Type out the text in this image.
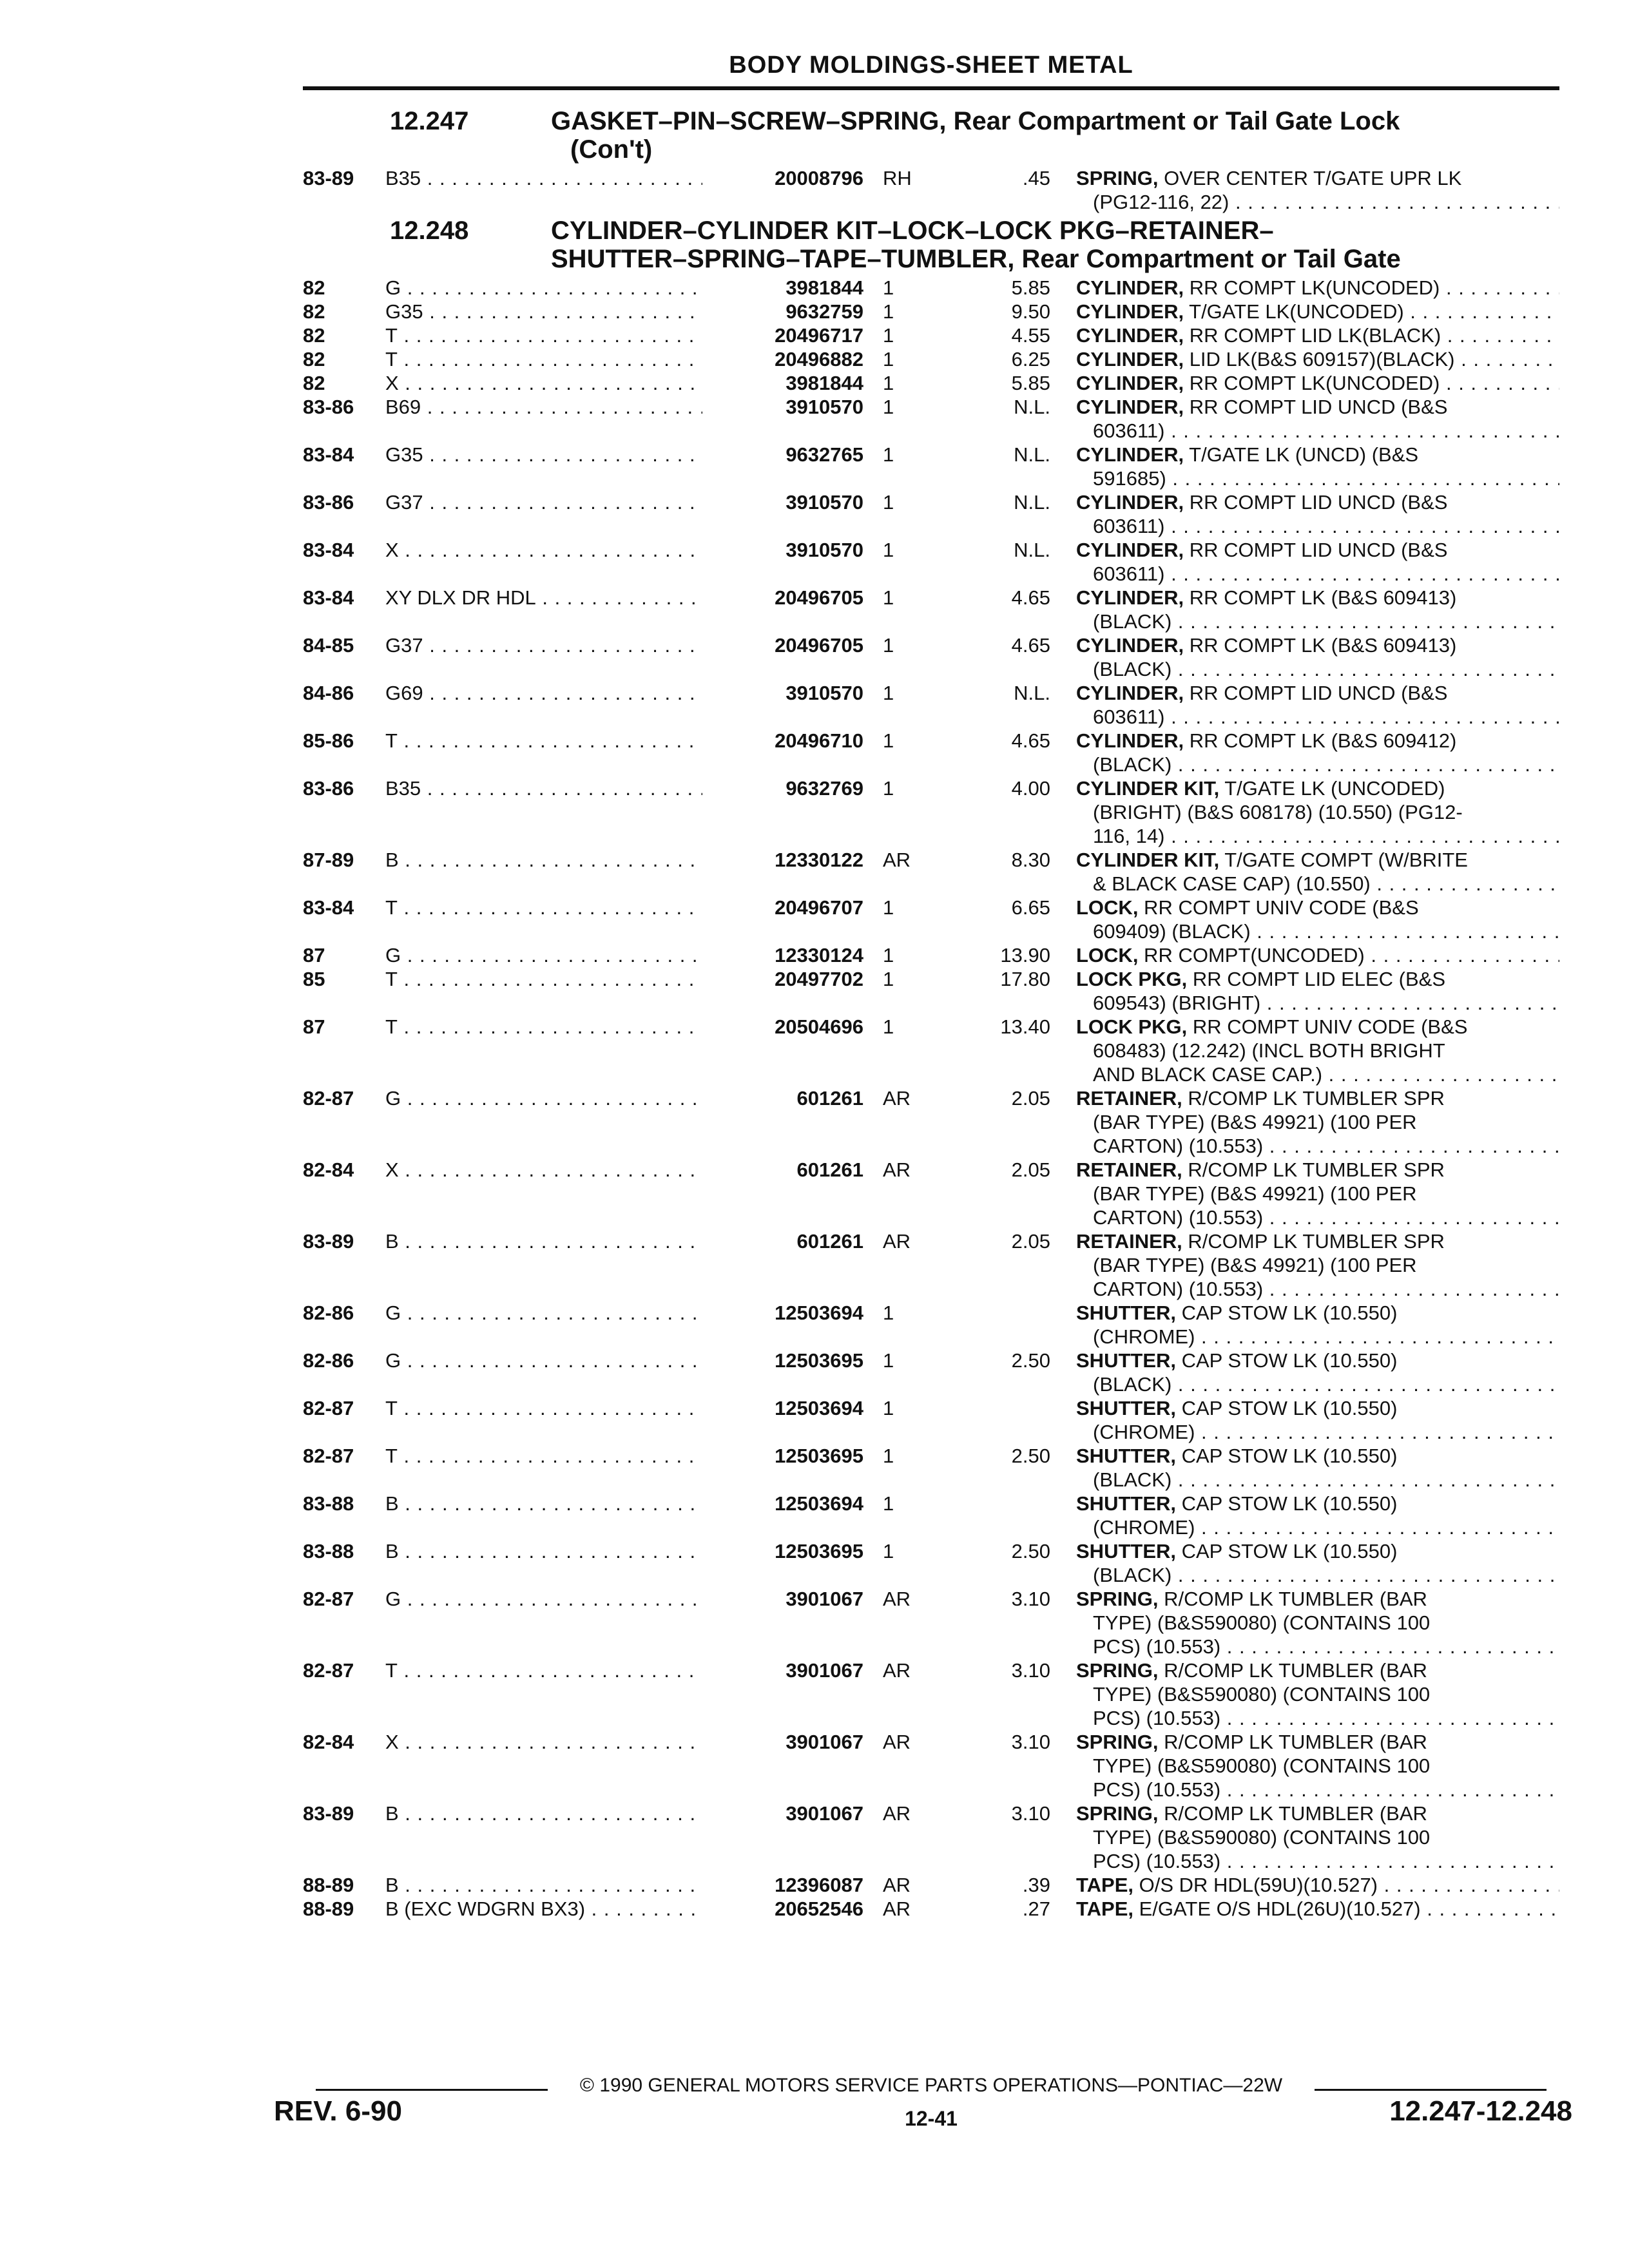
BODY MOLDINGS-SHEET METAL
12.247	GASKET–PIN–SCREW–SPRING, Rear Compartment or Tail Gate Lock
(Con't)
83-89	B35 . . .	20008796 RH	.45 SPRING, OVER CENTER T/GATE UPR LK
(PG12-116, 22) . . .
12.248	CYLINDER–CYLINDER KIT–LOCK–LOCK PKG–RETAINER–
SHUTTER–SPRING–TAPE–TUMBLER, Rear Compartment or Tail Gate
82	G . . .	3981844 1	5.85 CYLINDER, RR COMPT LK(UNCODED) . . .
82	G35 . . .	9632759 1	9.50 CYLINDER, T/GATE LK(UNCODED) . . .
82	T . . .	20496717 1	4.55 CYLINDER, RR COMPT LID LK(BLACK) . . .
82	T . . .	20496882 1	6.25 CYLINDER, LID LK(B&S 609157)(BLACK) . . .
82	X . . .	3981844 1	5.85 CYLINDER, RR COMPT LK(UNCODED) . . .
83-86	B69 . . .	3910570 1	N.L. CYLINDER, RR COMPT LID UNCD (B&S
603611) . . .
83-84	G35 . . .	9632765 1	N.L. CYLINDER, T/GATE LK (UNCD) (B&S
591685) . . .
83-86	G37 . . .	3910570 1	N.L. CYLINDER, RR COMPT LID UNCD (B&S
603611) . . .
83-84	X . . .	3910570 1	N.L. CYLINDER, RR COMPT LID UNCD (B&S
603611) . . .
83-84	XY DLX DR HDL . . .	20496705 1	4.65 CYLINDER, RR COMPT LK (B&S 609413)
(BLACK) . . .
84-85	G37 . . .	20496705 1	4.65 CYLINDER, RR COMPT LK (B&S 609413)
(BLACK) . . .
84-86	G69 . . .	3910570 1	N.L. CYLINDER, RR COMPT LID UNCD (B&S
603611) . . .
85-86	T . . .	20496710 1	4.65 CYLINDER, RR COMPT LK (B&S 609412)
(BLACK) . . .
83-86	B35 . . .	9632769 1	4.00 CYLINDER KIT, T/GATE LK (UNCODED)
(BRIGHT) (B&S 608178) (10.550) (PG12-
116, 14) . . .
87-89	B . . .	12330122 AR	8.30 CYLINDER KIT, T/GATE COMPT (W/BRITE
& BLACK CASE CAP) (10.550) . . .
83-84	T . . .	20496707 1	6.65 LOCK, RR COMPT UNIV CODE (B&S
609409) (BLACK) . . .
87	G . . .	12330124 1	13.90 LOCK, RR COMPT(UNCODED) . . .
85	T . . .	20497702 1	17.80 LOCK PKG, RR COMPT LID ELEC (B&S
609543) (BRIGHT) . . .
87	T . . .	20504696 1	13.40 LOCK PKG, RR COMPT UNIV CODE (B&S
608483) (12.242) (INCL BOTH BRIGHT
AND BLACK CASE CAP.) . . .
82-87	G . . .	601261 AR	2.05 RETAINER, R/COMP LK TUMBLER SPR
(BAR TYPE) (B&S 49921) (100 PER
CARTON) (10.553) . . .
82-84	X . . .	601261 AR	2.05 RETAINER, R/COMP LK TUMBLER SPR
(BAR TYPE) (B&S 49921) (100 PER
CARTON) (10.553) . . .
83-89	B . . .	601261 AR	2.05 RETAINER, R/COMP LK TUMBLER SPR
(BAR TYPE) (B&S 49921) (100 PER
CARTON) (10.553) . . .
82-86	G . . .	12503694 1	SHUTTER, CAP STOW LK (10.550)
(CHROME) . . .
82-86	G . . .	12503695 1	2.50 SHUTTER, CAP STOW LK (10.550)
(BLACK) . . .
82-87	T . . .	12503694 1	SHUTTER, CAP STOW LK (10.550)
(CHROME) . . .
82-87	T . . .	12503695 1	2.50 SHUTTER, CAP STOW LK (10.550)
(BLACK) . . .
83-88	B . . .	12503694 1	SHUTTER, CAP STOW LK (10.550)
(CHROME) . . .
83-88	B . . .	12503695 1	2.50 SHUTTER, CAP STOW LK (10.550)
(BLACK) . . .
82-87	G . . .	3901067 AR	3.10 SPRING, R/COMP LK TUMBLER (BAR
TYPE) (B&S590080) (CONTAINS 100
PCS) (10.553) . . .
82-87	T . . .	3901067 AR	3.10 SPRING, R/COMP LK TUMBLER (BAR
TYPE) (B&S590080) (CONTAINS 100
PCS) (10.553) . . .
82-84	X . . .	3901067 AR	3.10 SPRING, R/COMP LK TUMBLER (BAR
TYPE) (B&S590080) (CONTAINS 100
PCS) (10.553) . . .
83-89	B . . .	3901067 AR	3.10 SPRING, R/COMP LK TUMBLER (BAR
TYPE) (B&S590080) (CONTAINS 100
PCS) (10.553) . . .
88-89	B . . .	12396087 AR	.39 TAPE, O/S DR HDL(59U)(10.527) . . .
88-89	B (EXC WDGRN BX3) . . .	20652546 AR	.27 TAPE, E/GATE O/S HDL(26U)(10.527) . . .
© 1990 GENERAL MOTORS SERVICE PARTS OPERATIONS—PONTIAC—22W
REV. 6-90	12-41	12.247-12.248
